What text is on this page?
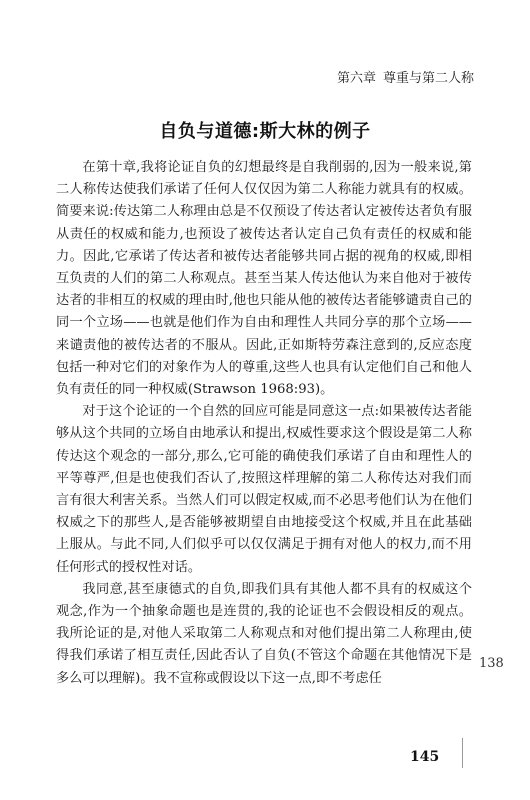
第六章 尊重与第二人称
自负与道德:斯大林的例子

在第十章,我将论证自负的幻想最终是自我削弱的,因为一般来说,第二人称传达使我们承诺了任何人仅仅因为第二人称能力就具有的权威。简要来说:传达第二人称理由总是不仅预设了传达者认定被传达者负有服从责任的权威和能力,也预设了被传达者认定自己负有责任的权威和能力。因此,它承诺了传达者和被传达者能够共同占据的视角的权威,即相互负责的人们的第二人称观点。甚至当某人传达他认为来自他对于被传达者的非相互的权威的理由时,他也只能从他的被传达者能够谴责自己的同一个立场——也就是他们作为自由和理性人共同分享的那个立场——来谴责他的被传达者的不服从。因此,正如斯特劳森注意到的,反应态度包括一种对它们的对象作为人的尊重,这些人也具有认定他们自己和他人负有责任的同一种权威(Strawson 1968:93)。

对于这个论证的一个自然的回应可能是同意这一点:如果被传达者能够从这个共同的立场自由地承认和提出,权威性要求这个假设是第二人称传达这个观念的一部分,那么,它可能的确使我们承诺了自由和理性人的平等尊严,但是也使我们否认了,按照这样理解的第二人称传达对我们而言有很大利害关系。当然人们可以假定权威,而不必思考他们认为在他们权威之下的那些人,是否能够被期望自由地接受这个权威,并且在此基础上服从。与此不同,人们似乎可以仅仅满足于拥有对他人的权力,而不用任何形式的授权性对话。

我同意,甚至康德式的自负,即我们具有其他人都不具有的权威这个观念,作为一个抽象命题也是连贯的,我的论证也不会假设相反的观点。我所论证的是,对他人采取第二人称观点和对他们提出第二人称理由,使得我们承诺了相互责任,因此否认了自负(不管这个命题在其他情况下是多么可以理解)。我不宣称或假设以下这一点,即不考虑任

138
145
